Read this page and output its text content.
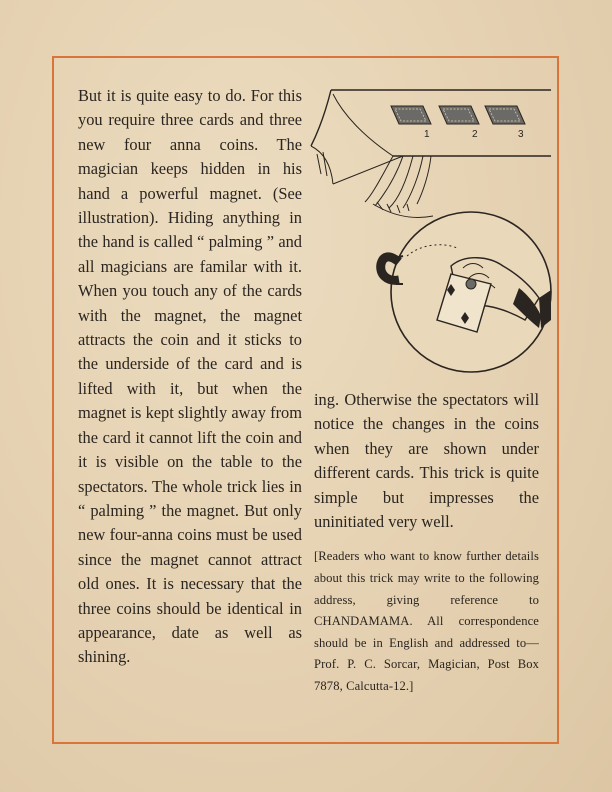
But it is quite easy to do. For this you require three cards and three new four anna coins. The magician keeps hidden in his hand a powerful magnet. (See illustration). Hiding anything in the hand is called “ palming ” and all magicians are familar with it. When you touch any of the cards with the magnet, the magnet attracts the coin and it sticks to the underside of the card and is lifted with it, but when the magnet is kept slightly away from the card it cannot lift the coin and it is visible on the table to the spectators. The whole trick lies in “ palming ” the magnet. But only new four-anna coins must be used since the magnet cannot attract old ones. It is necessary that the three coins should be identical in appearance, date as well as shining.

1	2	3

ing. Otherwise the spectators will notice the changes in the coins when they are shown under different cards. This trick is quite simple but impresses the uninitiated very well.

[Readers who want to know further details about this trick may write to the following address, giving reference to CHANDAMAMA. All correspondence should be in English and addressed to—Prof. P. C. Sorcar, Magician, Post Box 7878, Calcutta-12.]
